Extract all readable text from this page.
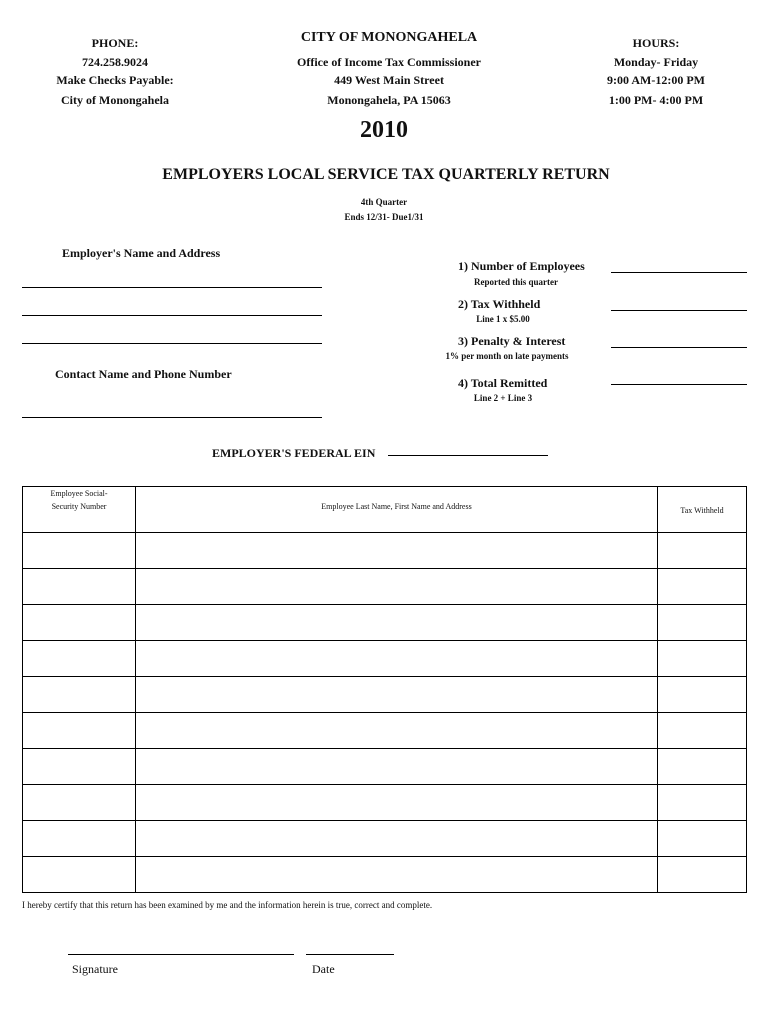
PHONE:
724.258.9024
Make Checks Payable:
City of Monongahela
CITY OF MONONGAHELA
Office of Income Tax Commissioner
449 West Main Street
Monongahela, PA 15063
HOURS:
Monday- Friday
9:00 AM-12:00 PM
1:00 PM- 4:00 PM
2010
EMPLOYERS LOCAL SERVICE TAX QUARTERLY RETURN
4th Quarter
Ends 12/31- Due1/31
Employer's Name and Address
Contact Name and Phone Number
1) Number of Employees
Reported this quarter
2) Tax Withheld
Line 1 x $5.00
3) Penalty & Interest
1% per month on late payments
4) Total Remitted
Line 2 + Line 3
EMPLOYER'S FEDERAL EIN
Employee Social-
Security Number	Employee Last Name, First Name and Address	Tax Withheld

I hereby certify that this return has been examined by me and the information herein is true, correct and complete.
Signature	Date
